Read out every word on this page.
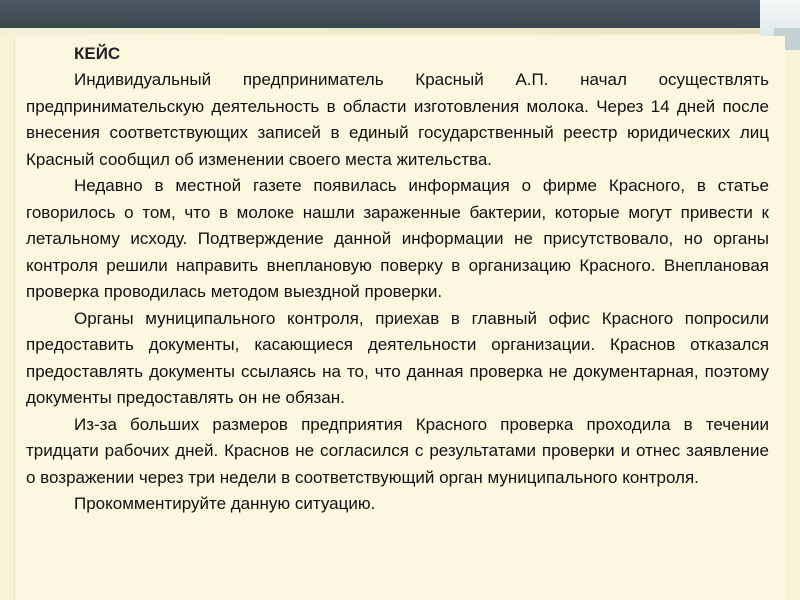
КЕЙС

Индивидуальный предприниматель Красный А.П. начал осуществлять предпринимательскую деятельность в области изготовления молока. Через 14 дней после внесения соответствующих записей в единый государственный реестр юридических лиц Красный сообщил об изменении своего места жительства.

Недавно в местной газете появилась информация о фирме Красного, в статье говорилось о том, что в молоке нашли зараженные бактерии, которые могут привести к летальному исходу. Подтверждение данной информации не присутствовало, но органы контроля решили направить внеплановую поверку в организацию Красного. Внеплановая проверка проводилась методом выездной проверки.

Органы муниципального контроля, приехав в главный офис Красного попросили предоставить документы, касающиеся деятельности организации. Краснов отказался предоставлять документы ссылаясь на то, что данная проверка не документарная, поэтому документы предоставлять он не обязан.

Из-за больших размеров предприятия Красного проверка проходила в течении тридцати рабочих дней. Краснов не согласился с результатами проверки и отнес заявление о возражении через три недели в соответствующий орган муниципального контроля.

Прокомментируйте данную ситуацию.
